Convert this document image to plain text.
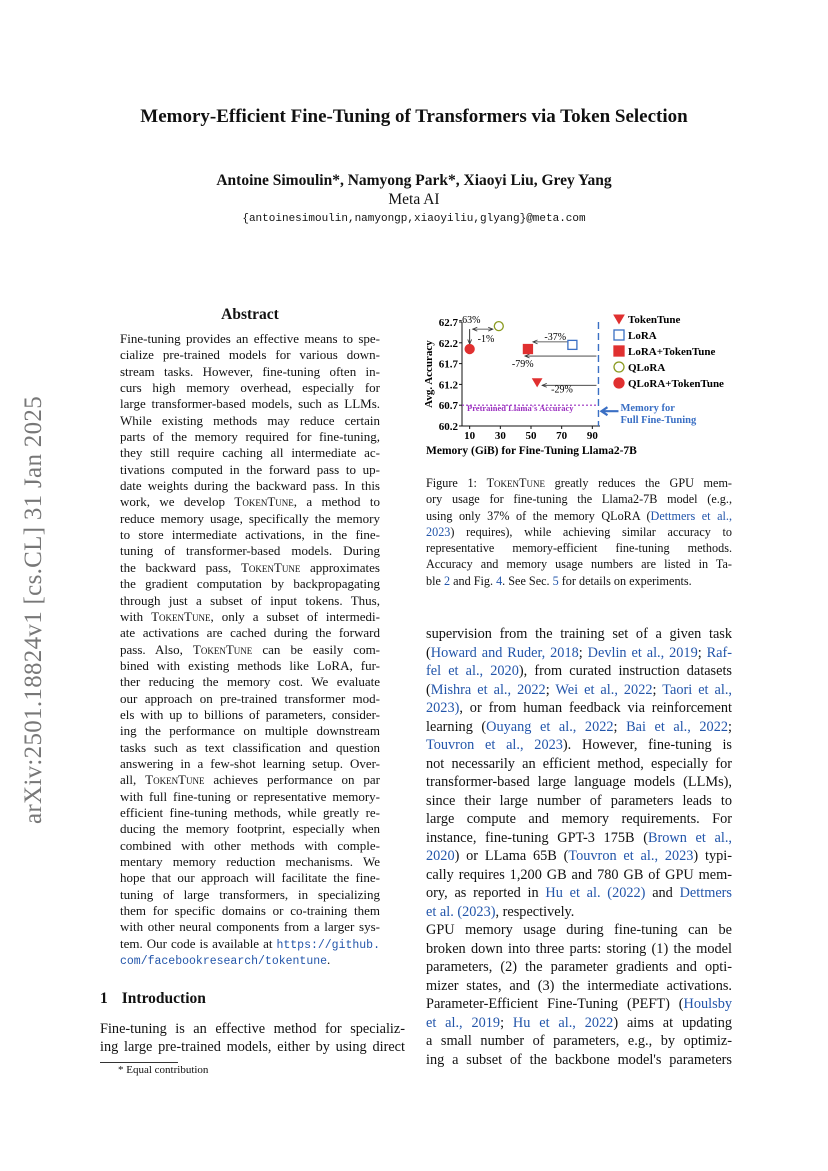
Memory-Efficient Fine-Tuning of Transformers via Token Selection
Antoine Simoulin*, Namyong Park*, Xiaoyi Liu, Grey Yang
Meta AI
{antoinesimoulin,namyongp,xiaoyiliu,glyang}@meta.com
arXiv:2501.18824v1 [cs.CL] 31 Jan 2025
Abstract
Fine-tuning provides an effective means to spe-
cialize pre-trained models for various down-
stream tasks. However, fine-tuning often in-
curs high memory overhead, especially for
large transformer-based models, such as LLMs.
While existing methods may reduce certain
parts of the memory required for fine-tuning,
they still require caching all intermediate ac-
tivations computed in the forward pass to up-
date weights during the backward pass. In this
work, we develop TokenTune, a method to
reduce memory usage, specifically the memory
to store intermediate activations, in the fine-
tuning of transformer-based models. During
the backward pass, TokenTune approximates
the gradient computation by backpropagating
through just a subset of input tokens. Thus,
with TokenTune, only a subset of intermedi-
ate activations are cached during the forward
pass. Also, TokenTune can be easily com-
bined with existing methods like LoRA, fur-
ther reducing the memory cost. We evaluate
our approach on pre-trained transformer mod-
els with up to billions of parameters, consider-
ing the performance on multiple downstream
tasks such as text classification and question
answering in a few-shot learning setup. Over-
all, TokenTune achieves performance on par
with full fine-tuning or representative memory-
efficient fine-tuning methods, while greatly re-
ducing the memory footprint, especially when
combined with other methods with comple-
mentary memory reduction mechanisms. We
hope that our approach will facilitate the fine-
tuning of large transformers, in specializing
them for specific domains or co-training them
with other neural components from a larger sys-
tem. Our code is available at https://github.
com/facebookresearch/tokentune.
1 Introduction
Fine-tuning is an effective method for specializ-
ing large pre-trained models, either by using direct
* Equal contribution
62.7
62.2
61.7
61.2
60.7
60.2
10 30 50 70 90
Avg. Accuracy
Memory (GiB) for Fine-Tuning Llama2-7B
Pretrained Llama's Accuracy	Memory for
Full Fine-Tuning
-63%
-1%	-37%
-79%
-29%
TokenTune
LoRA
LoRA+TokenTune
QLoRA
QLoRA+TokenTune
Figure 1: TokenTune greatly reduces the GPU mem-
ory usage for fine-tuning the Llama2-7B model (e.g.,
using only 37% of the memory QLoRA (Dettmers et al.,
2023) requires), while achieving similar accuracy to
representative memory-efficient fine-tuning methods.
Accuracy and memory usage numbers are listed in Ta-
ble 2 and Fig. 4. See Sec. 5 for details on experiments.
supervision from the training set of a given task
(Howard and Ruder, 2018; Devlin et al., 2019; Raf-
fel et al., 2020), from curated instruction datasets
(Mishra et al., 2022; Wei et al., 2022; Taori et al.,
2023), or from human feedback via reinforcement
learning (Ouyang et al., 2022; Bai et al., 2022;
Touvron et al., 2023). However, fine-tuning is
not necessarily an efficient method, especially for
transformer-based large language models (LLMs),
since their large number of parameters leads to
large compute and memory requirements. For
instance, fine-tuning GPT-3 175B (Brown et al.,
2020) or LLama 65B (Touvron et al., 2023) typi-
cally requires 1,200 GB and 780 GB of GPU mem-
ory, as reported in Hu et al. (2022) and Dettmers
et al. (2023), respectively.
GPU memory usage during fine-tuning can be
broken down into three parts: storing (1) the model
parameters, (2) the parameter gradients and opti-
mizer states, and (3) the intermediate activations.
Parameter-Efficient Fine-Tuning (PEFT) (Houlsby
et al., 2019; Hu et al., 2022) aims at updating
a small number of parameters, e.g., by optimiz-
ing a subset of the backbone model's parameters
